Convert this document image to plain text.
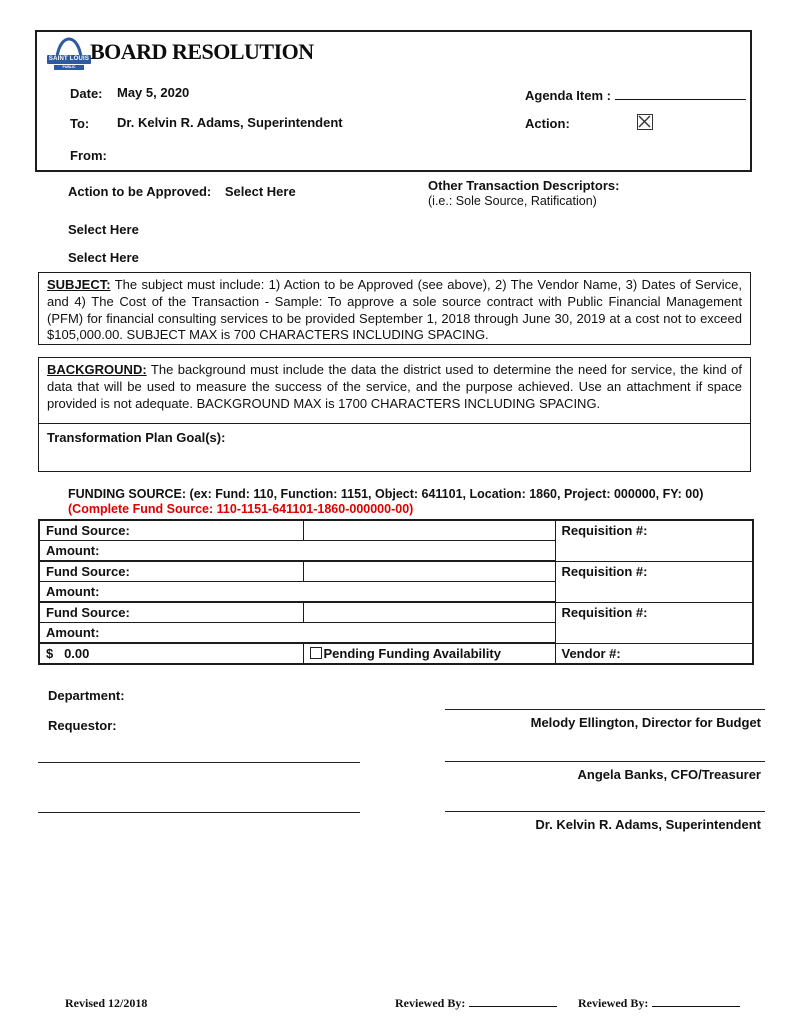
SAINT LOUIS
PUBLIC SCHOOLS
BOARD RESOLUTION
Date: May 5, 2020
To: Dr. Kelvin R. Adams, Superintendent
From:
Agenda Item :
Action:
Action to be Approved: Select Here	Other Transaction Descriptors:
(i.e.: Sole Source, Ratification)
Select Here
Select Here
SUBJECT: The subject must include: 1) Action to be Approved (see above), 2) The Vendor Name, 3) Dates of Service, and 4) The Cost of the Transaction - Sample: To approve a sole source contract with Public Financial Management (PFM) for financial consulting services to be provided September 1, 2018 through June 30, 2019 at a cost not to exceed $105,000.00. SUBJECT MAX is 700 CHARACTERS INCLUDING SPACING.
BACKGROUND: The background must include the data the district used to determine the need for service, the kind of data that will be used to measure the success of the service, and the purpose achieved. Use an attachment if space provided is not adequate. BACKGROUND MAX is 1700 CHARACTERS INCLUDING SPACING.
Transformation Plan Goal(s):
FUNDING SOURCE: (ex: Fund: 110, Function: 1151, Object: 641101, Location: 1860, Project: 000000, FY: 00)
(Complete Fund Source: 110-1151-641101-1860-000000-00)
Fund Source:		Requisition #:
Amount:		
Fund Source:		Requisition #:
Amount:		
Fund Source:		Requisition #:
Amount:		
$   0.00	Pending Funding Availability	Vendor #:
Department:
Requestor:	Melody Ellington, Director for Budget
Angela Banks, CFO/Treasurer
Dr. Kelvin R. Adams, Superintendent
Revised 12/2018	Reviewed By:	Reviewed By:
